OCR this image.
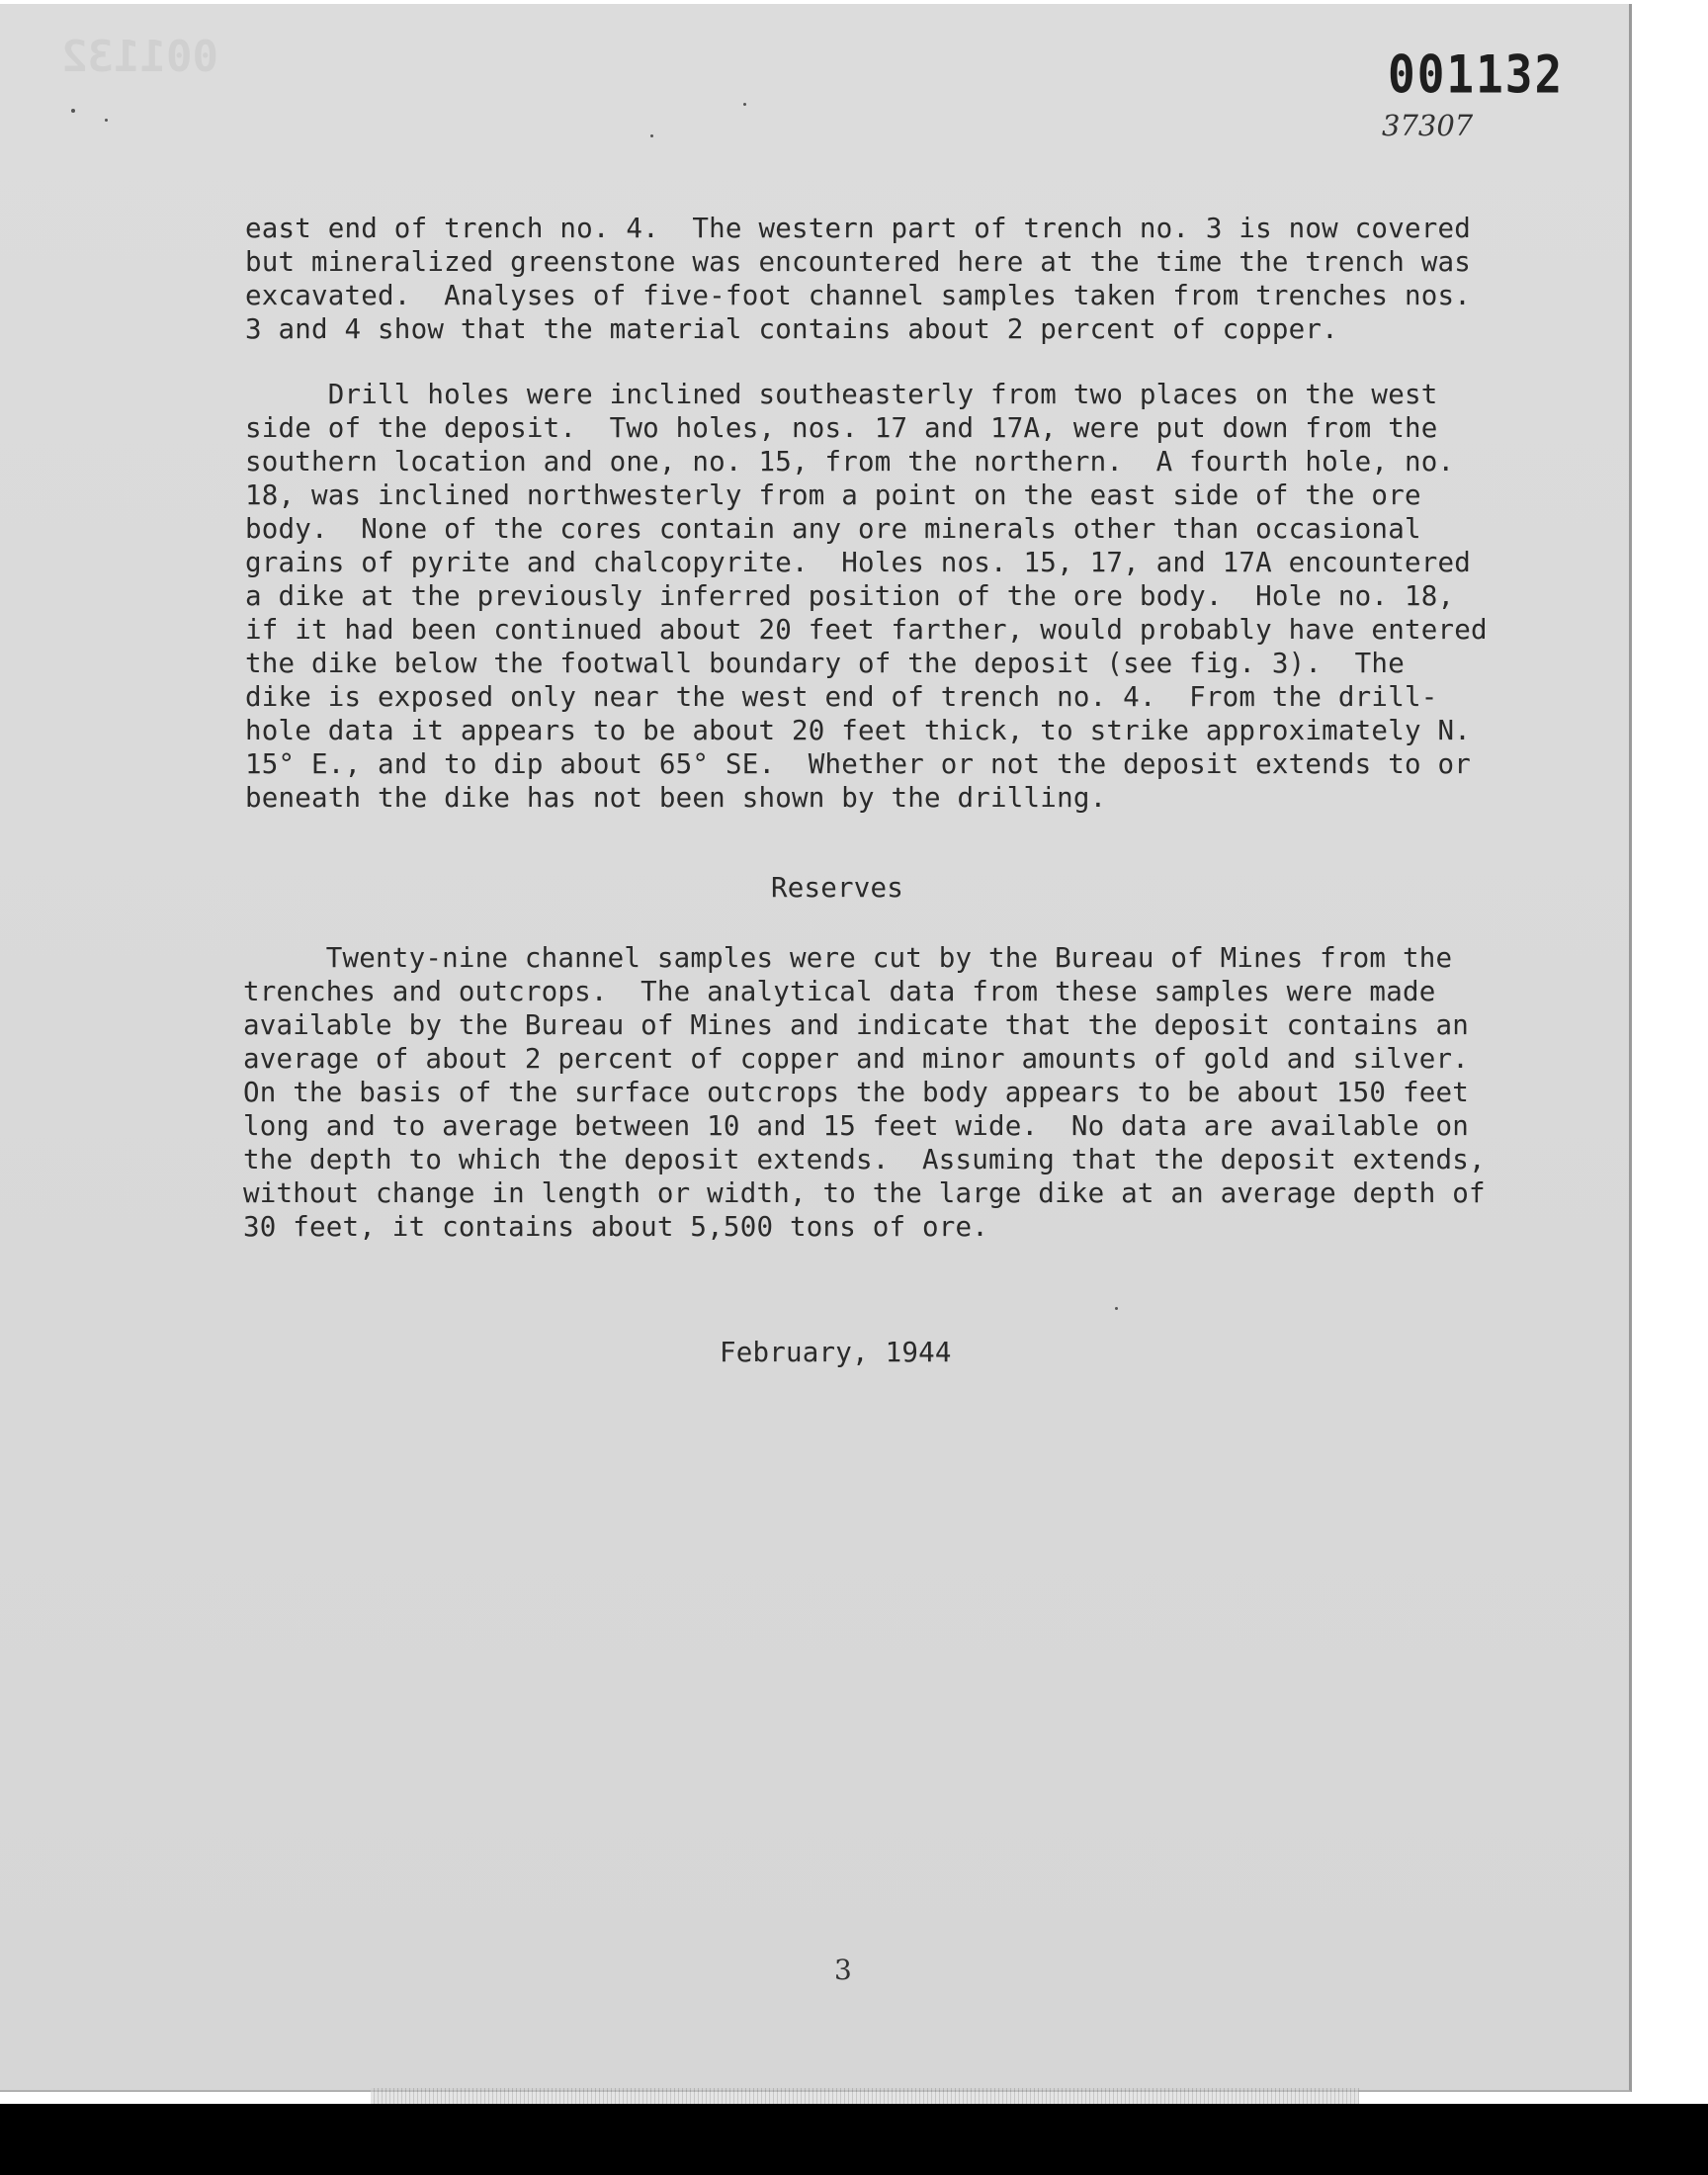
001132	001132
37307
east end of trench no. 4.  The western part of trench no. 3 is now covered
but mineralized greenstone was encountered here at the time the trench was
excavated.  Analyses of five-foot channel samples taken from trenches nos.
3 and 4 show that the material contains about 2 percent of copper.
Drill holes were inclined southeasterly from two places on the west
side of the deposit.  Two holes, nos. 17 and 17A, were put down from the
southern location and one, no. 15, from the northern.  A fourth hole, no.
18, was inclined northwesterly from a point on the east side of the ore
body.  None of the cores contain any ore minerals other than occasional
grains of pyrite and chalcopyrite.  Holes nos. 15, 17, and 17A encountered
a dike at the previously inferred position of the ore body.  Hole no. 18,
if it had been continued about 20 feet farther, would probably have entered
the dike below the footwall boundary of the deposit (see fig. 3).  The
dike is exposed only near the west end of trench no. 4.  From the drill-
hole data it appears to be about 20 feet thick, to strike approximately N.
15° E., and to dip about 65° SE.  Whether or not the deposit extends to or
beneath the dike has not been shown by the drilling.
Reserves
Twenty-nine channel samples were cut by the Bureau of Mines from the
trenches and outcrops.  The analytical data from these samples were made
available by the Bureau of Mines and indicate that the deposit contains an
average of about 2 percent of copper and minor amounts of gold and silver.
On the basis of the surface outcrops the body appears to be about 150 feet
long and to average between 10 and 15 feet wide.  No data are available on
the depth to which the deposit extends.  Assuming that the deposit extends,
without change in length or width, to the large dike at an average depth of
30 feet, it contains about 5,500 tons of ore.
February, 1944
3
